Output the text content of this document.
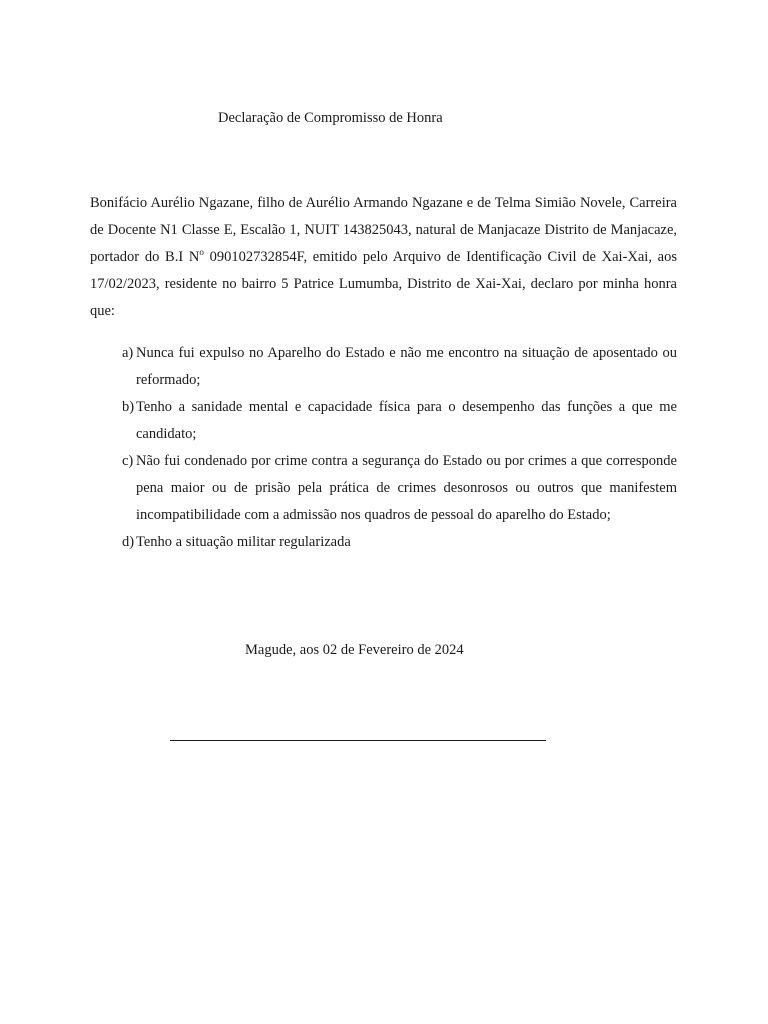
Declaração de Compromisso de Honra

Bonifácio Aurélio Ngazane, filho de Aurélio Armando Ngazane e de Telma Simião Novele, Carreira de Docente N1 Classe E, Escalão 1, NUIT 143825043, natural de Manjacaze Distrito de Manjacaze, portador do B.I $N^o$ 090102732854F, emitido pelo Arquivo de Identificação Civil de Xai-Xai, aos 17/02/2023, residente no bairro 5 Patrice Lumumba, Distrito de Xai-Xai, declaro por minha honra que:

a) Nunca fui expulso no Aparelho do Estado e não me encontro na situação de aposentado ou reformado;
b) Tenho a sanidade mental e capacidade física para o desempenho das funções a que me candidato;
c) Não fui condenado por crime contra a segurança do Estado ou por crimes a que corresponde pena maior ou de prisão pela prática de crimes desonrosos ou outros que manifestem incompatibilidade com a admissão nos quadros de pessoal do aparelho do Estado;
d) Tenho a situação militar regularizada
Magude, aos 02 de Fevereiro de 2024
